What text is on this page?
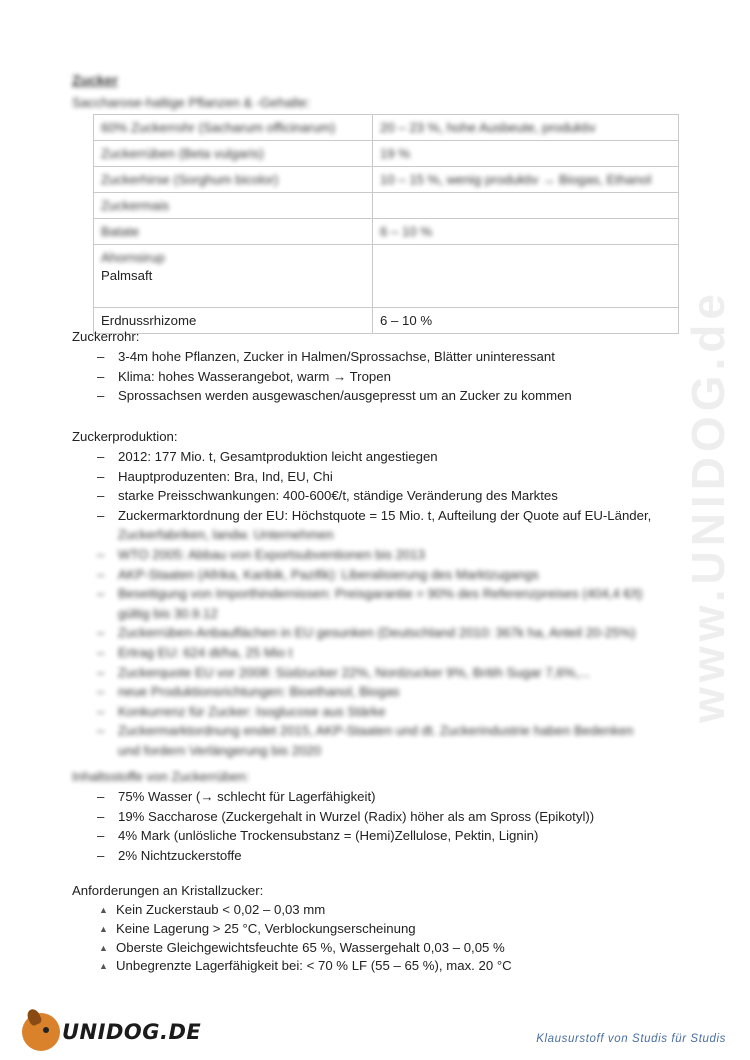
www.UNIDOG.de
Zucker
Saccharose-haltige Pflanzen & -Gehalte:
60% Zuckerrohr (Sacharum officinarum)	20 – 23 %, hohe Ausbeute, produktiv
Zuckerrüben (Beta vulgaris)	19 %
Zuckerhirse (Sorghum bicolor)	10 – 15 %, wenig produktiv → Biogas, Ethanol
Zuckermais	
Batate	6 – 10 %

Ahornsirup
Palmsaft	

Erdnussrhizome	6 – 10 %
Zuckerrohr:
– 3-4m hohe Pflanzen, Zucker in Halmen/Sprossachse, Blätter uninteressant
– Klima: hohes Wasserangebot, warm → Tropen
– Sprossachsen werden ausgewaschen/ausgepresst um an Zucker zu kommen
Zuckerproduktion:
– 2012: 177 Mio. t, Gesamtproduktion leicht angestiegen
– Hauptproduzenten: Bra, Ind, EU, Chi
– starke Preisschwankungen: 400-600€/t, ständige Veränderung des Marktes
– Zuckermarktordnung der EU: Höchstquote = 15 Mio. t, Aufteilung der Quote auf EU-Länder,
Zuckerfabriken, landw. Unternehmen
– WTO 2005: Abbau von Exportsubventionen bis 2013
– AKP-Staaten (Afrika, Karibik, Pazifik): Liberalisierung des Marktzugangs
– Beseitigung von Importhindernissen: Preisgarantie = 90% des Referenzpreises (404,4 €/t)
gültig bis 30.9.12
– Zuckerrüben-Anbauflächen in EU gesunken (Deutschland 2010: 367k ha, Anteil 20-25%)
– Ertrag EU: 624 dt/ha, 25 Mio t
– Zuckerquote EU vor 2008: Südzucker 22%, Nordzucker 9%, Britih Sugar 7,6%,...
– neue Produktionsrichtungen: Bioethanol, Biogas
– Konkurrenz für Zucker: Isoglucose aus Stärke
– Zuckermarktordnung endet 2015, AKP-Staaten und dt. Zuckerindustrie haben Bedenken
und fordern Verlängerung bis 2020
Inhaltsstoffe von Zuckerrüben:
– 75% Wasser (→ schlecht für Lagerfähigkeit)
– 19% Saccharose (Zuckergehalt in Wurzel (Radix) höher als am Spross (Epikotyl))
– 4% Mark (unlösliche Trockensubstanz = (Hemi)Zellulose, Pektin, Lignin)
– 2% Nichtzuckerstoffe
Anforderungen an Kristallzucker:
▲ Kein Zuckerstaub < 0,02 – 0,03 mm
▲ Keine Lagerung > 25 °C, Verblockungserscheinung
▲ Oberste Gleichgewichtsfeuchte 65 %, Wassergehalt 0,03 – 0,05 %
▲ Unbegrenzte Lagerfähigkeit bei: < 70 % LF (55 – 65 %), max. 20 °C
UNIDOG.DE	Klausurstoff von Studis für Studis
